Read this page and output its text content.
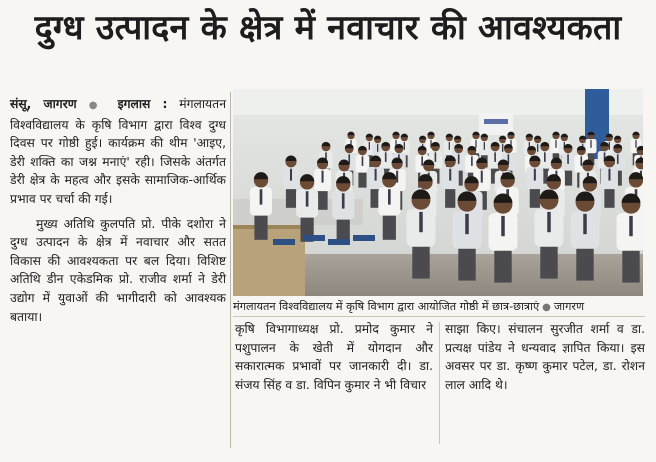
दुग्ध उत्पादन के क्षेत्र में नवाचार की आवश्यकता

संसू, जागरण ● इगलास : मंगलायतन विश्वविद्यालय के कृषि विभाग द्वारा विश्व दुग्ध दिवस पर गोष्ठी हुई। कार्यक्रम की थीम 'आइए, डेरी शक्ति का जश्न मनाएं' रही। जिसके अंतर्गत डेरी क्षेत्र के महत्व और इसके सामाजिक-आर्थिक प्रभाव पर चर्चा की गई।

मुख्य अतिथि कुलपति प्रो. पीके दशोरा ने दुग्ध उत्पादन के क्षेत्र में नवाचार और सतत विकास की आवश्यकता पर बल दिया। विशिष्ट अतिथि डीन एकेडमिक प्रो. राजीव शर्मा ने डेरी उद्योग में युवाओं की भागीदारी को आवश्यक बताया।

मंगलायतन विश्वविद्यालय में कृषि विभाग द्वारा आयोजित गोष्ठी में छात्र-छात्राएं ● जागरण

कृषि विभागाध्यक्ष प्रो. प्रमोद कुमार ने पशुपालन के खेती में योगदान और सकारात्मक प्रभावों पर जानकारी दी। डा. संजय सिंह व डा. विपिन कुमार ने भी विचार

साझा किए। संचालन सुरजीत शर्मा व डा. प्रत्यक्ष पांडेय ने धन्यवाद ज्ञापित किया। इस अवसर पर डा. कृष्ण कुमार पटेल, डा. रोशन लाल आदि थे।
